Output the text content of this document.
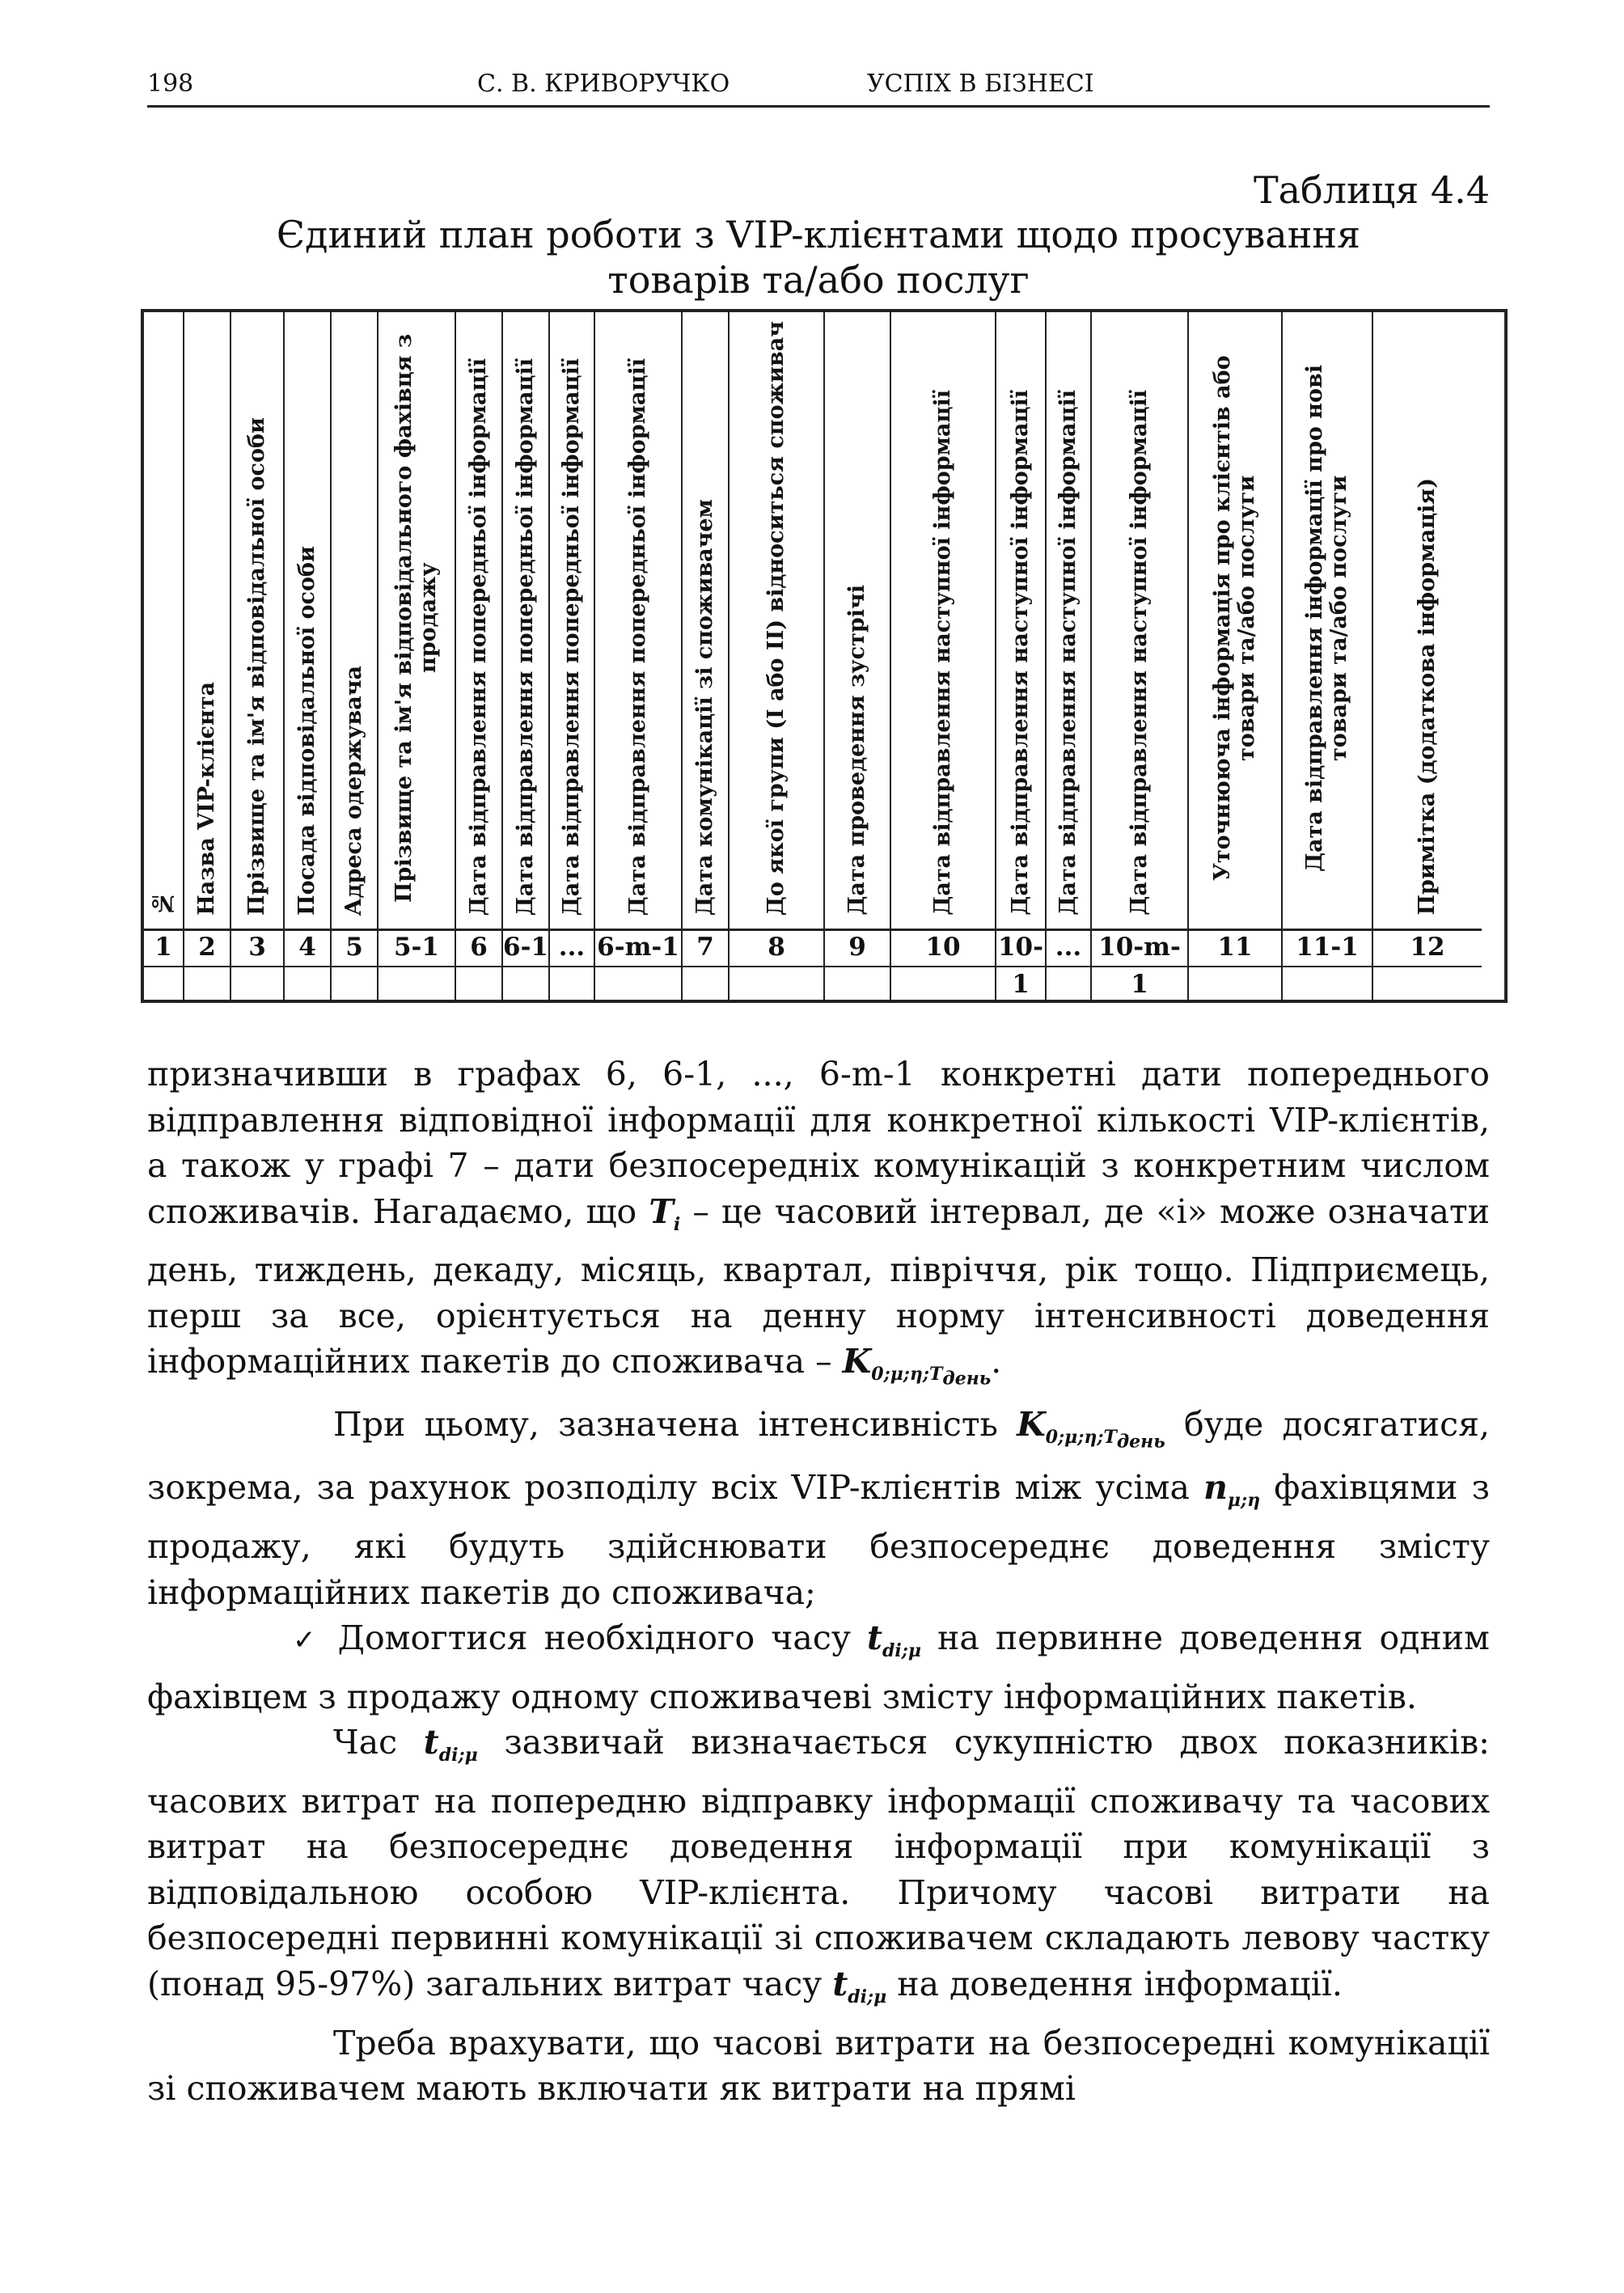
198	С. В. КРИВОРУЧКО	УСПІХ В БІЗНЕСІ
Таблиця 4.4
Єдиний план роботи з VIP-клієнтами щодо просування
товарів та/або послуг
№
1
Назва VIP-клієнта
2
Прізвище та ім'я відповідальної особи
3
Посада відповідальної особи
4
Адреса одержувача
5
Прізвище та ім'я відповідального фахівця з продажу
5-1
Дата відправлення попередньої інформації
6
Дата відправлення попередньої інформації
6-1
Дата відправлення попередньої інформації
...
Дата відправлення попередньої інформації
6-m-1
Дата комунікації зі споживачем
7
До якої групи (І або ІІ) відноситься споживач
8
Дата проведення зустрічі
9
Дата відправлення наступної інформації
10
Дата відправлення наступної інформації
10-1
Дата відправлення наступної інформації
...
Дата відправлення наступної інформації
10-m-1
Уточнююча інформація про клієнтів або товари та/або послуги
11
Дата відправлення інформації про нові товари та/або послуги
11-1
Примітка (додаткова інформація)
12

призначивши в графах 6, 6-1, ..., 6-m-1 конкретні дати попереднього відправлення відповідної інформації для конкретної кількості VIP-клієнтів, а також у графі 7 – дати безпосередніх комунікацій з конкретним числом споживачів. Нагадаємо, що $T_i$ – це часовий інтервал, де «і» може означати день, тиждень, декаду, місяць, квартал, півріччя, рік тощо. Підприємець, перш за все, орієнтується на денну норму інтенсивності доведення інформаційних пакетів до споживача – $K_{0;\mu;\eta;T_{день}}$.

При цьому, зазначена інтенсивність $K_{0;\mu;\eta;T_{день}}$ буде досягатися, зокрема, за рахунок розподілу всіх VIP-клієнтів між усіма $n_{\mu;\eta}$ фахівцями з продажу, які будуть здійснювати безпосереднє доведення змісту інформаційних пакетів до споживача;

✓ Домогтися необхідного часу $t_{di;\mu}$ на первинне доведення одним фахівцем з продажу одному споживачеві змісту інформаційних пакетів.

Час $t_{di;\mu}$ зазвичай визначається сукупністю двох показників: часових витрат на попередню відправку інформації споживачу та часових витрат на безпосереднє доведення інформації при комунікації з відповідальною особою VIP-клієнта. Причому часові витрати на безпосередні первинні комунікації зі споживачем складають левову частку (понад 95-97%) загальних витрат часу $t_{di;\mu}$ на доведення інформації.

Треба врахувати, що часові витрати на безпосередні комунікації зі споживачем мають включати як витрати на прямі
